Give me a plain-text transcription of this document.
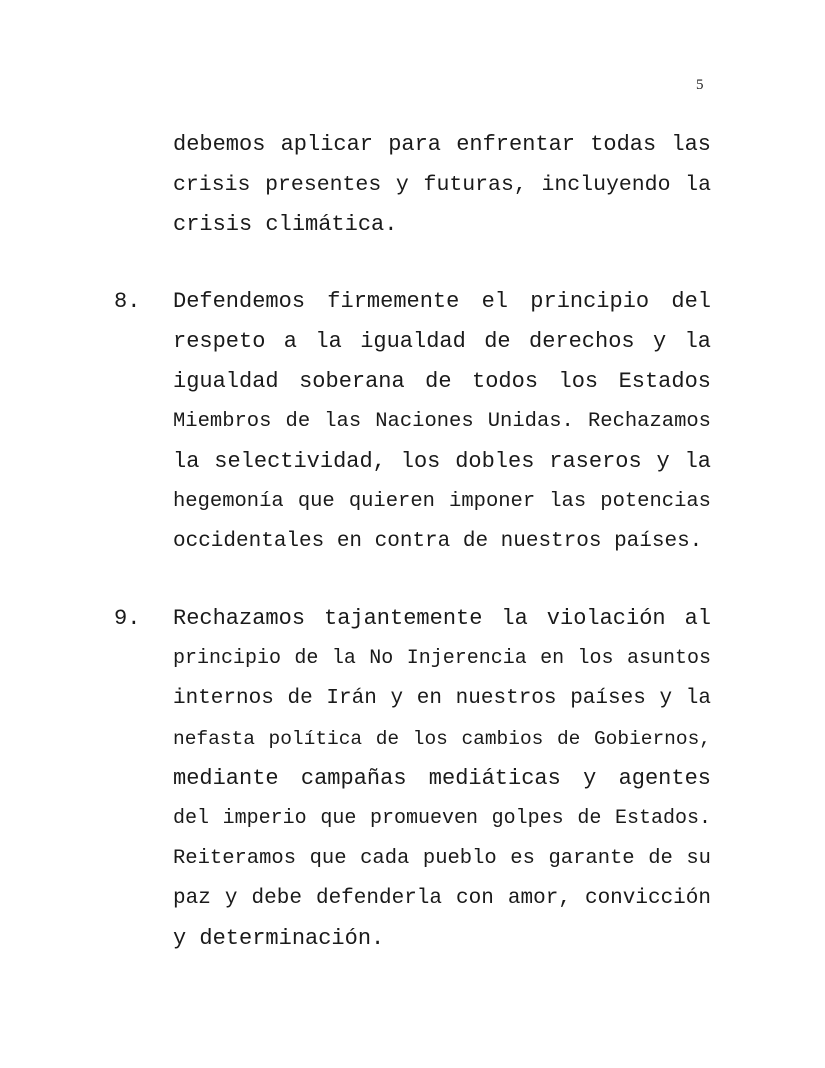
5
debemos aplicar para enfrentar todas las
crisis presentes y futuras, incluyendo la
crisis climática.
8. Defendemos firmemente el principio del
respeto a la igualdad de derechos y la
igualdad soberana de todos los Estados
Miembros de las Naciones Unidas. Rechazamos
la selectividad, los dobles raseros y la
hegemonía que quieren imponer las potencias
occidentales en contra de nuestros países.
9. Rechazamos tajantemente la violación al
principio de la No Injerencia en los asuntos
internos de Irán y en nuestros países y la
nefasta política de los cambios de Gobiernos,
mediante campañas mediáticas y agentes
del imperio que promueven golpes de Estados.
Reiteramos que cada pueblo es garante de su
paz y debe defenderla con amor, convicción
y determinación.
